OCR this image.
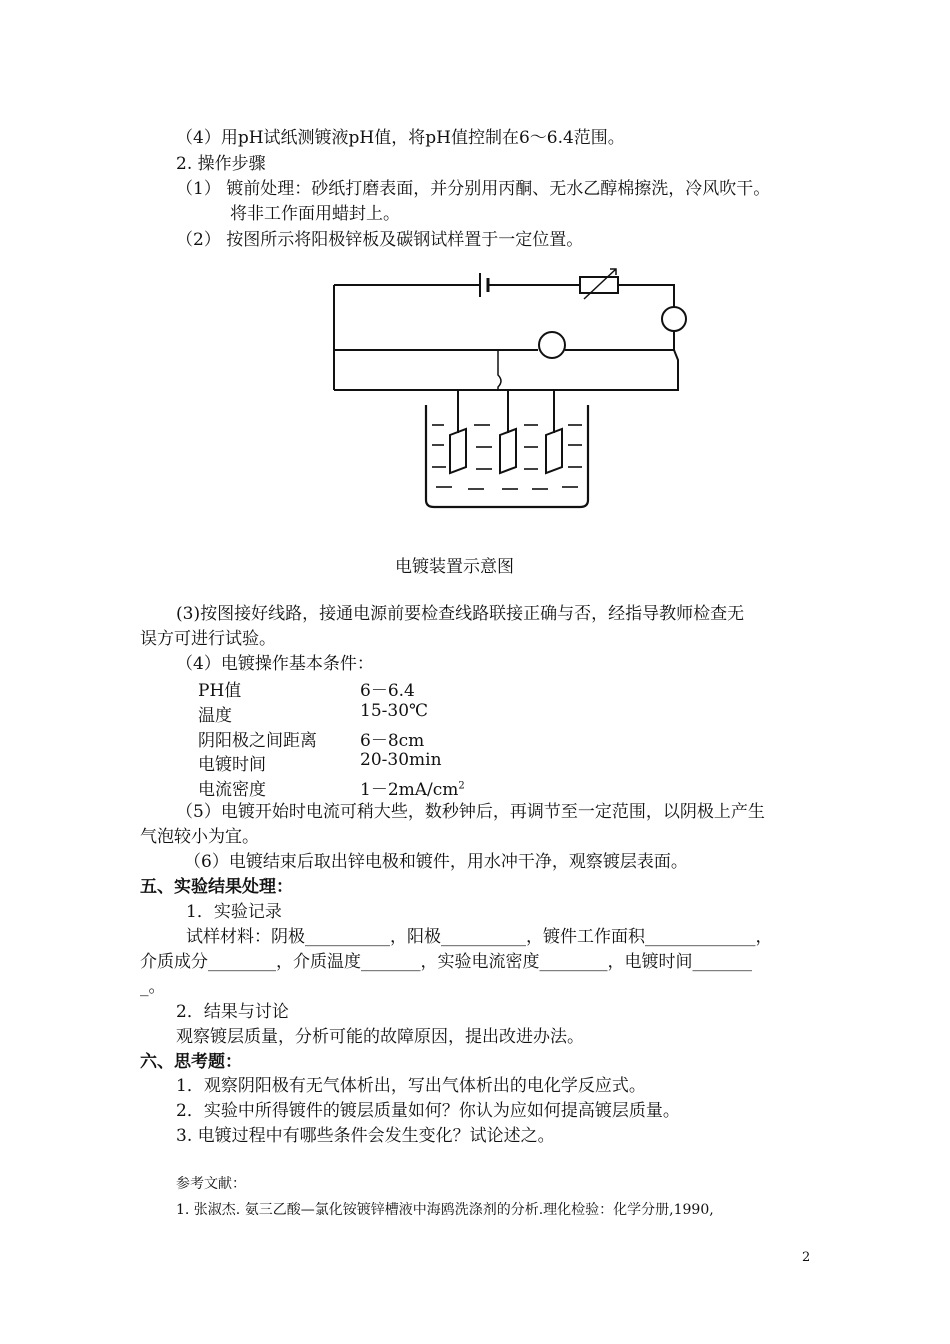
（4）用pH试纸测镀液pH值，将pH值控制在6～6.4范围。
2. 操作步骤
（1） 镀前处理：砂纸打磨表面，并分别用丙酮、无水乙醇棉擦洗，冷风吹干。
将非工作面用蜡封上。
（2） 按图所示将阳极锌板及碳钢试样置于一定位置。
电镀装置示意图
(3)按图接好线路，接通电源前要检查线路联接正确与否，经指导教师检查无
误方可进行试验。
（4）电镀操作基本条件：
PH值	6－6.4
温度	15-30℃
阴阳极之间距离	6－8cm
电镀时间	20-30min
电流密度	$1-2mA/cm^2$
（5）电镀开始时电流可稍大些，数秒钟后，再调节至一定范围，以阴极上产生
气泡较小为宜。
（6）电镀结束后取出锌电极和镀件，用水冲干净，观察镀层表面。
五、实验结果处理：
1．实验记录
试样材料：阴极__________，阳极__________，镀件工作面积_____________，
介质成分________，介质温度_______，实验电流密度________，电镀时间_______
_。
2．结果与讨论
观察镀层质量，分析可能的故障原因，提出改进办法。
六、思考题：
1．观察阴阳极有无气体析出，写出气体析出的电化学反应式。
2．实验中所得镀件的镀层质量如何？你认为应如何提高镀层质量。
3. 电镀过程中有哪些条件会发生变化？试论述之。
参考文献：
1. 张淑杰. 氨三乙酸—氯化铵镀锌槽液中海鸥洗涤剂的分析.理化检验：化学分册,1990,
2
